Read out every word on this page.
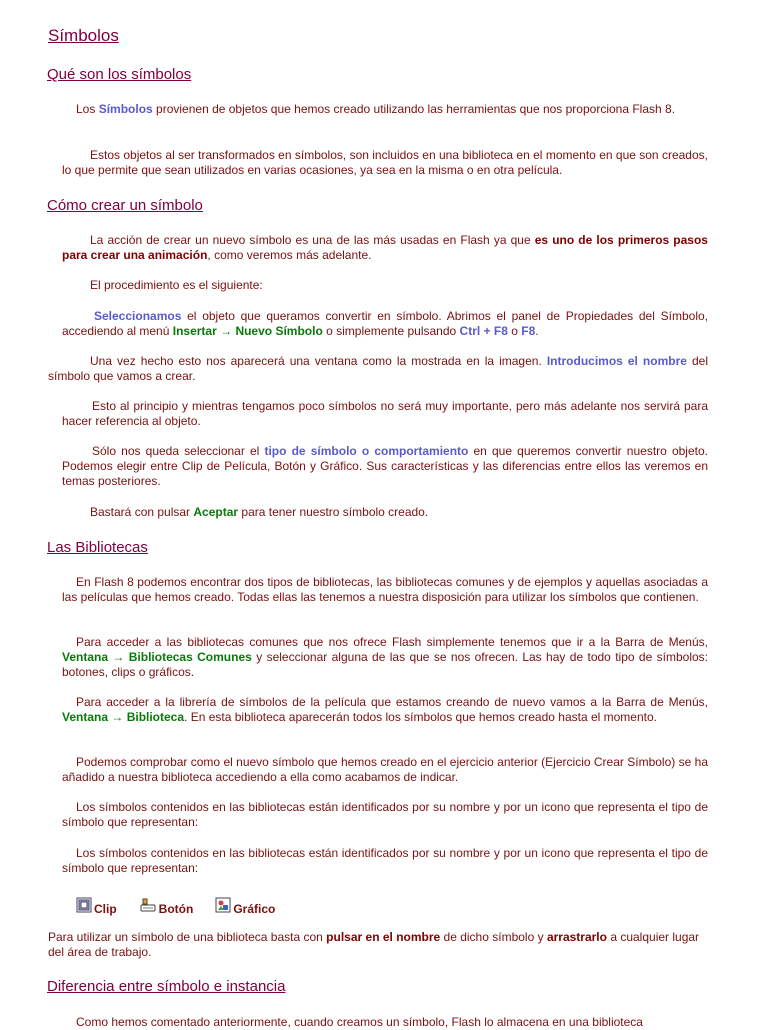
Símbolos
Qué son los símbolos

Los Símbolos provienen de objetos que hemos creado utilizando las herramientas que nos proporciona Flash 8.

Estos objetos al ser transformados en símbolos, son incluidos en una biblioteca en el momento en que son creados, lo que permite que sean utilizados en varias ocasiones, ya sea en la misma o en otra película.

Cómo crear un símbolo

La acción de crear un nuevo símbolo es una de las más usadas en Flash ya que es uno de los primeros pasos para crear una animación, como veremos más adelante.

El procedimiento es el siguiente:

Seleccionamos el objeto que queramos convertir en símbolo. Abrimos el panel de Propiedades del Símbolo, accediendo al menú Insertar → Nuevo Símbolo o simplemente pulsando Ctrl + F8 o F8.

Una vez hecho esto nos aparecerá una ventana como la mostrada en la imagen. Introducimos el nombre del símbolo que vamos a crear.

Esto al principio y mientras tengamos poco símbolos no será muy importante, pero más adelante nos servirá para hacer referencia al objeto.

Sólo nos queda seleccionar el tipo de símbolo o comportamiento en que queremos convertir nuestro objeto. Podemos elegir entre Clip de Película, Botón y Gráfico. Sus características y las diferencias entre ellos las veremos en temas posteriores.

Bastará con pulsar Aceptar para tener nuestro símbolo creado.

Las Bibliotecas

En Flash 8 podemos encontrar dos tipos de bibliotecas, las bibliotecas comunes y de ejemplos y aquellas asociadas a las películas que hemos creado. Todas ellas las tenemos a nuestra disposición para utilizar los símbolos que contienen.

Para acceder a las bibliotecas comunes que nos ofrece Flash simplemente tenemos que ir a la Barra de Menús, Ventana → Bibliotecas Comunes y seleccionar alguna de las que se nos ofrecen. Las hay de todo tipo de símbolos: botones, clips o gráficos.

Para acceder a la librería de símbolos de la película que estamos creando de nuevo vamos a la Barra de Menús, Ventana → Biblioteca. En esta biblioteca aparecerán todos los símbolos que hemos creado hasta el momento.

Podemos comprobar como el nuevo símbolo que hemos creado en el ejercicio anterior (Ejercicio Crear Símbolo) se ha añadido a nuestra biblioteca accediendo a ella como acabamos de indicar.

Los símbolos contenidos en las bibliotecas están identificados por su nombre y por un icono que representa el tipo de símbolo que representan:

Los símbolos contenidos en las bibliotecas están identificados por su nombre y por un icono que representa el tipo de símbolo que representan:

Clip	Botón	Gráfico

Para utilizar un símbolo de una biblioteca basta con pulsar en el nombre de dicho símbolo y arrastrarlo a cualquier lugar del área de trabajo.

Diferencia entre símbolo e instancia

Como hemos comentado anteriormente, cuando creamos un símbolo, Flash lo almacena en una biblioteca
